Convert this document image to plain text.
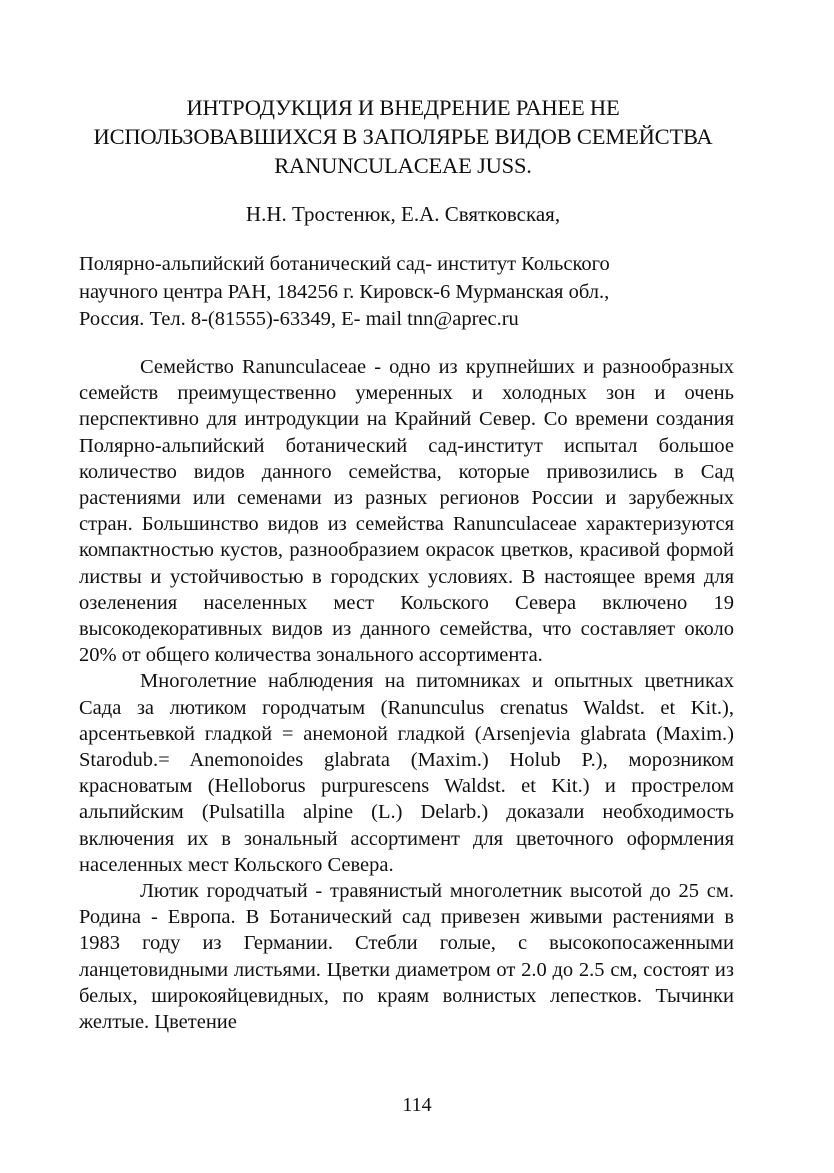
ИНТРОДУКЦИЯ И ВНЕДРЕНИЕ РАНЕЕ НЕ
ИСПОЛЬЗОВАВШИХСЯ В ЗАПОЛЯРЬЕ ВИДОВ СЕМЕЙСТВА
RANUNCULACEAE JUSS.
Н.Н. Тростенюк, Е.А. Святковская,
Полярно-альпийский ботанический сад- институт Кольского
научного центра РАН, 184256 г. Кировск-6 Мурманская обл.,
Россия. Тел. 8-(81555)-63349, Е- mail tnn@aprec.ru

Семейство Ranunculaceae - одно из крупнейших и разнообразных семейств преимущественно умеренных и холодных зон и очень перспективно для интродукции на Крайний Север. Со времени создания Полярно-альпийский ботанический сад-институт испытал большое количество видов данного семейства, которые привозились в Сад растениями или семенами из разных регионов России и зарубежных стран. Большинство видов из семейства Ranunculaceae характеризуются компактностью кустов, разнообразием окрасок цветков, красивой формой листвы и устойчивостью в городских условиях. В настоящее время для озеленения населенных мест Кольского Севера включено 19 высокодекоративных видов из данного семейства, что составляет около 20% от общего количества зонального ассортимента.

Многолетние наблюдения на питомниках и опытных цветниках Сада за лютиком городчатым (Ranunculus crenatus Waldst. et Kit.), арсентьевкой гладкой = анемоной гладкой (Arsenjevia glabrata (Maxim.) Starodub.= Anemonoides glabrata (Maxim.) Holub P.), морозником красноватым (Helloborus purpurescens Waldst. et Kit.) и прострелом альпийским (Pulsatilla alpine (L.) Delarb.) доказали необходимость включения их в зональный ассортимент для цветочного оформления населенных мест Кольского Севера.

Лютик городчатый - травянистый многолетник высотой до 25 см. Родина - Европа. В Ботанический сад привезен живыми растениями в 1983 году из Германии. Стебли голые, с высокопосаженными ланцетовидными листьями. Цветки диаметром от 2.0 до 2.5 см, состоят из белых, широкояйцевидных, по краям волнистых лепестков. Тычинки желтые. Цветение

114
